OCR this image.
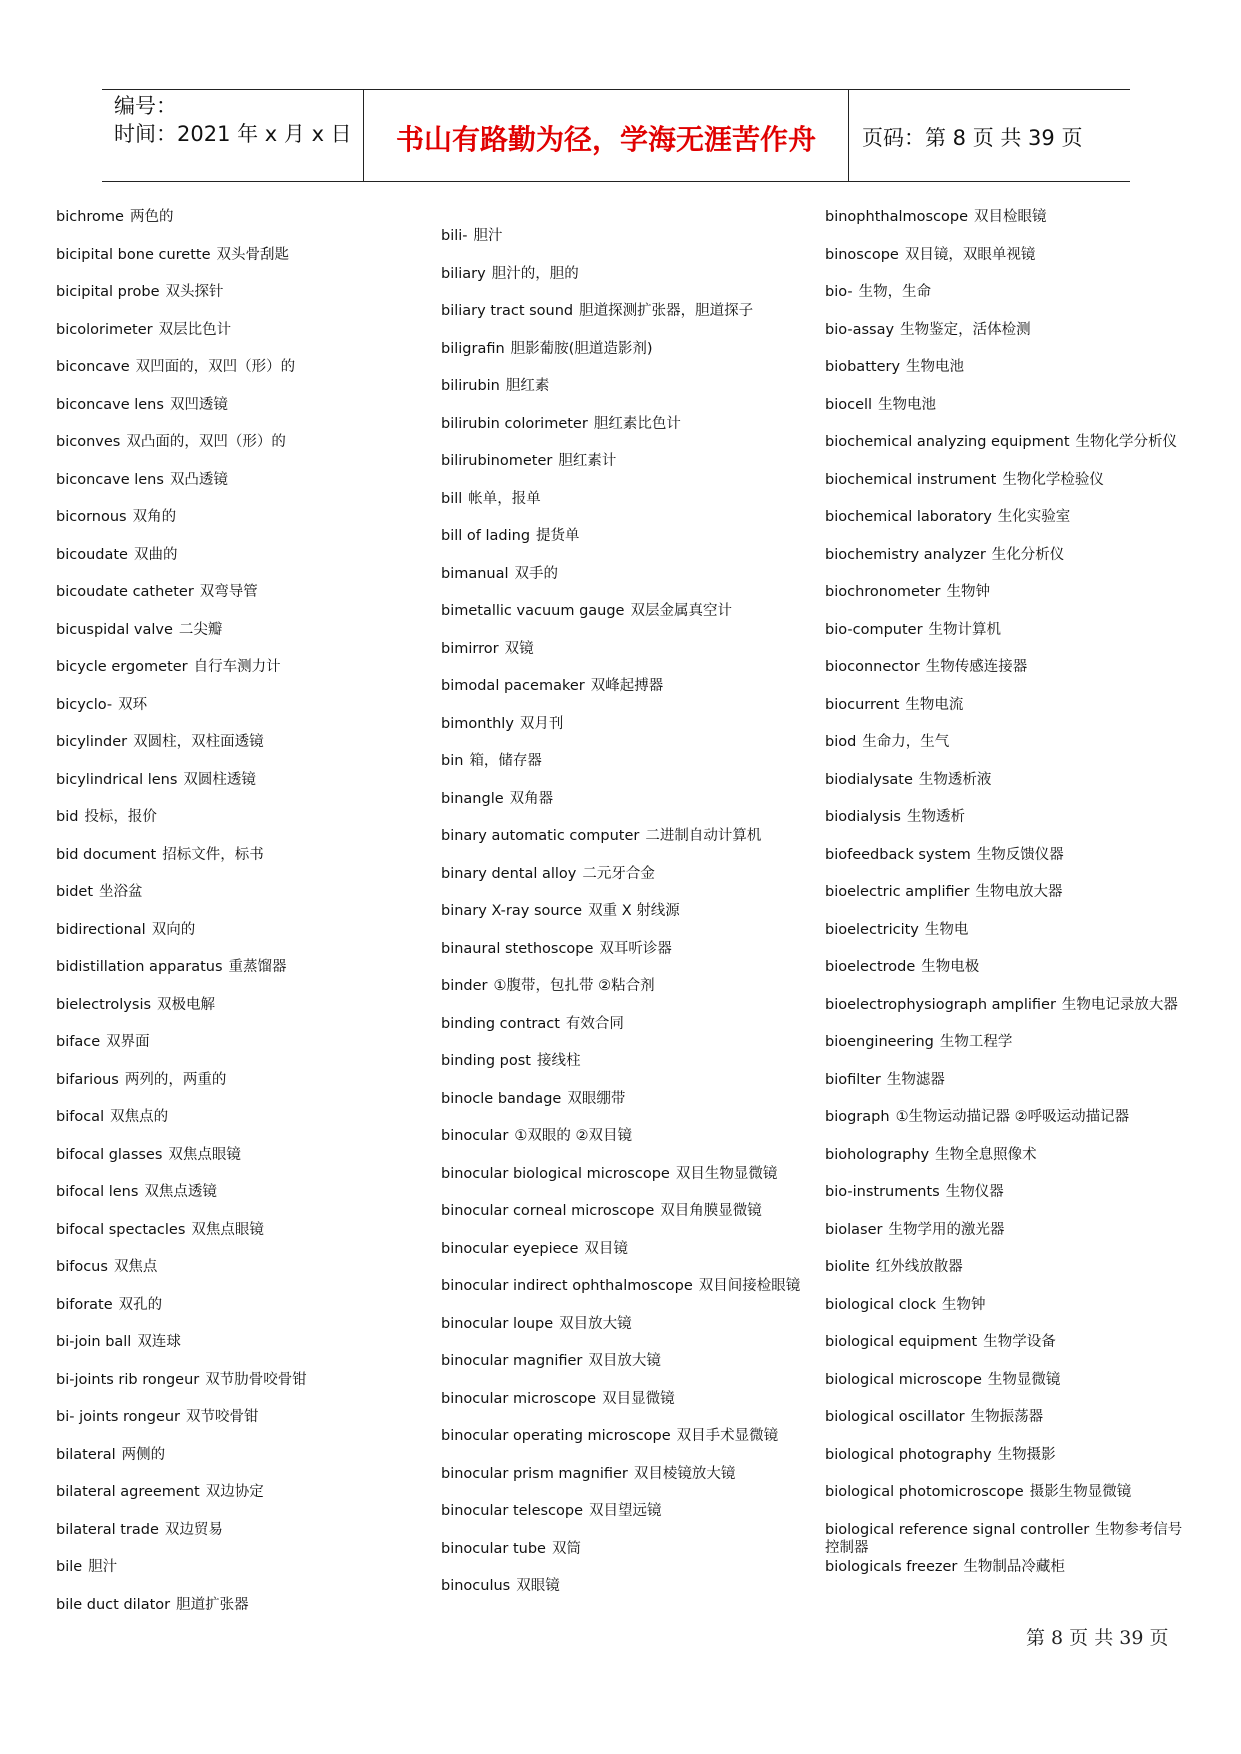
编号：
时间：2021 年 x 月 x 日	书山有路勤为径，学海无涯苦作舟	页码：第 8 页 共 39 页
bichrome 两色的
bicipital bone curette 双头骨刮匙
bicipital probe 双头探针
bicolorimeter 双层比色计
biconcave 双凹面的，双凹（形）的
biconcave lens 双凹透镜
biconves 双凸面的，双凹（形）的
biconcave lens 双凸透镜
bicornous 双角的
bicoudate 双曲的
bicoudate catheter 双弯导管
bicuspidal valve 二尖瓣
bicycle ergometer 自行车测力计
bicyclo- 双环
bicylinder 双圆柱，双柱面透镜
bicylindrical lens 双圆柱透镜
bid 投标，报价
bid document 招标文件，标书
bidet 坐浴盆
bidirectional 双向的
bidistillation apparatus 重蒸馏器
bielectrolysis 双极电解
biface 双界面
bifarious 两列的，两重的
bifocal 双焦点的
bifocal glasses 双焦点眼镜
bifocal lens 双焦点透镜
bifocal spectacles 双焦点眼镜
bifocus 双焦点
biforate 双孔的
bi-join ball 双连球
bi-joints rib rongeur 双节肋骨咬骨钳
bi- joints rongeur 双节咬骨钳
bilateral 两侧的
bilateral agreement 双边协定
bilateral trade 双边贸易
bile 胆汁
bile duct dilator 胆道扩张器
bili- 胆汁
biliary 胆汁的，胆的
biliary tract sound 胆道探测扩张器，胆道探子
biligrafin 胆影葡胺(胆道造影剂)
bilirubin 胆红素
bilirubin colorimeter 胆红素比色计
bilirubinometer 胆红素计
bill 帐单，报单
bill of lading 提货单
bimanual 双手的
bimetallic vacuum gauge 双层金属真空计
bimirror 双镜
bimodal pacemaker 双峰起搏器
bimonthly 双月刊
bin 箱，储存器
binangle 双角器
binary automatic computer 二进制自动计算机
binary dental alloy 二元牙合金
binary X-ray source 双重 X 射线源
binaural stethoscope 双耳听诊器
binder ①腹带，包扎带 ②粘合剂
binding contract 有效合同
binding post 接线柱
binocle bandage 双眼绷带
binocular ①双眼的 ②双目镜
binocular biological microscope 双目生物显微镜
binocular corneal microscope 双目角膜显微镜
binocular eyepiece 双目镜
binocular indirect ophthalmoscope 双目间接检眼镜
binocular loupe 双目放大镜
binocular magnifier 双目放大镜
binocular microscope 双目显微镜
binocular operating microscope 双目手术显微镜
binocular prism magnifier 双目棱镜放大镜
binocular telescope 双目望远镜
binocular tube 双筒
binoculus 双眼镜
binophthalmoscope 双目检眼镜
binoscope 双目镜，双眼单视镜
bio- 生物，生命
bio-assay 生物鉴定，活体检测
biobattery 生物电池
biocell 生物电池
biochemical analyzing equipment 生物化学分析仪
biochemical instrument 生物化学检验仪
biochemical laboratory 生化实验室
biochemistry analyzer 生化分析仪
biochronometer 生物钟
bio-computer 生物计算机
bioconnector 生物传感连接器
biocurrent 生物电流
biod 生命力，生气
biodialysate 生物透析液
biodialysis 生物透析
biofeedback system 生物反馈仪器
bioelectric amplifier 生物电放大器
bioelectricity 生物电
bioelectrode 生物电极
bioelectrophysiograph amplifier 生物电记录放大器
bioengineering 生物工程学
biofilter 生物滤器
biograph ①生物运动描记器 ②呼吸运动描记器
bioholography 生物全息照像术
bio-instruments 生物仪器
biolaser 生物学用的激光器
biolite 红外线放散器
biological clock 生物钟
biological equipment 生物学设备
biological microscope 生物显微镜
biological oscillator 生物振荡器
biological photography 生物摄影
biological photomicroscope 摄影生物显微镜
biological reference signal controller 生物参考信号控制器
biologicals freezer 生物制品冷藏柜
第 8 页 共 39 页
